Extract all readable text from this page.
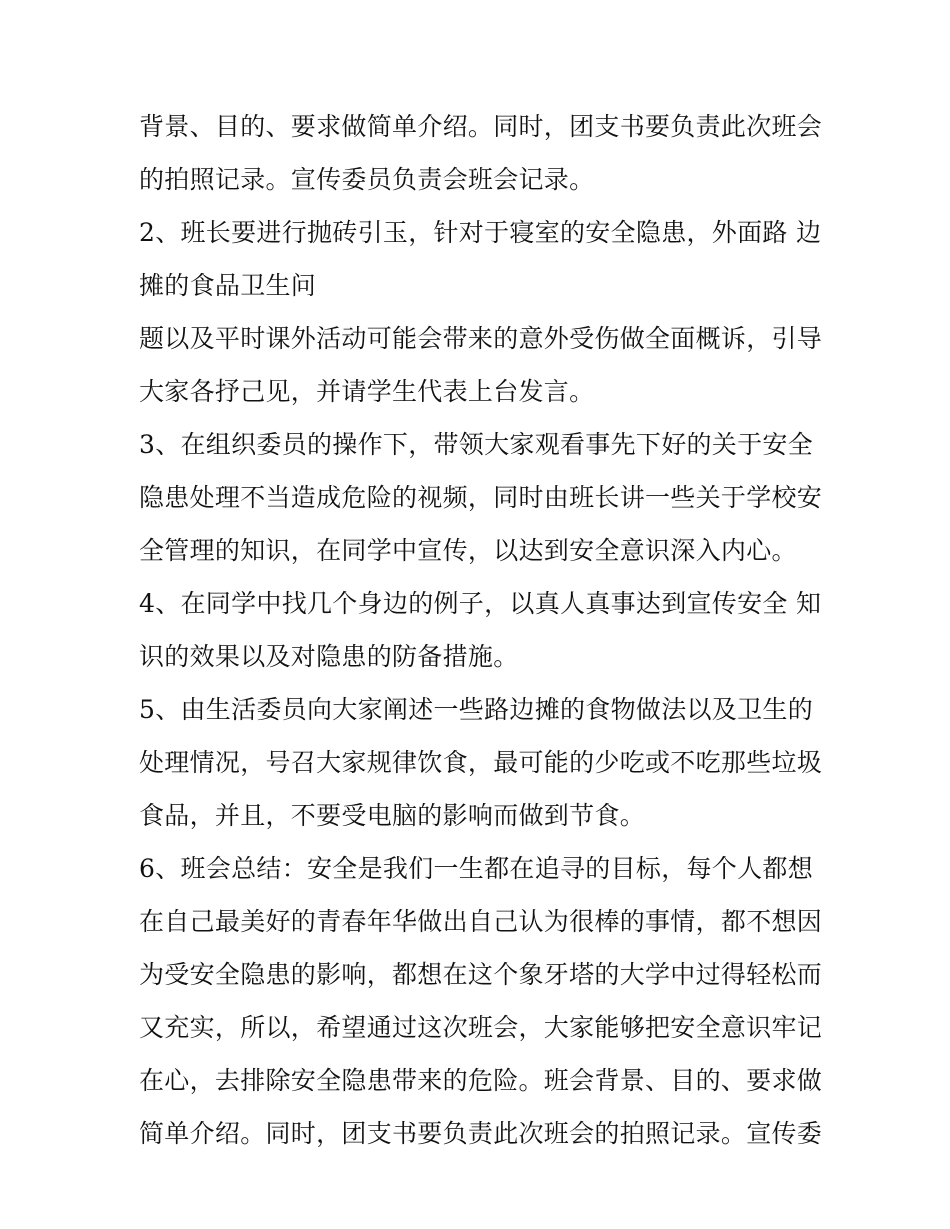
背景、目的、要求做简单介绍。同时，团支书要负责此次班会
的拍照记录。宣传委员负责会班会记录。
2、班长要进行抛砖引玉，针对于寝室的安全隐患，外面路 边
摊的食品卫生问
题以及平时课外活动可能会带来的意外受伤做全面概诉，引导
大家各抒己见，并请学生代表上台发言。
3、在组织委员的操作下，带领大家观看事先下好的关于安全
隐患处理不当造成危险的视频，同时由班长讲一些关于学校安
全管理的知识，在同学中宣传，以达到安全意识深入内心。
4、在同学中找几个身边的例子，以真人真事达到宣传安全 知
识的效果以及对隐患的防备措施。
5、由生活委员向大家阐述一些路边摊的食物做法以及卫生的
处理情况，号召大家规律饮食，最可能的少吃或不吃那些垃圾
食品，并且，不要受电脑的影响而做到节食。
6、班会总结：安全是我们一生都在追寻的目标，每个人都想
在自己最美好的青春年华做出自己认为很棒的事情，都不想因
为受安全隐患的影响，都想在这个象牙塔的大学中过得轻松而
又充实，所以，希望通过这次班会，大家能够把安全意识牢记
在心，去排除安全隐患带来的危险。班会背景、目的、要求做
简单介绍。同时，团支书要负责此次班会的拍照记录。宣传委
